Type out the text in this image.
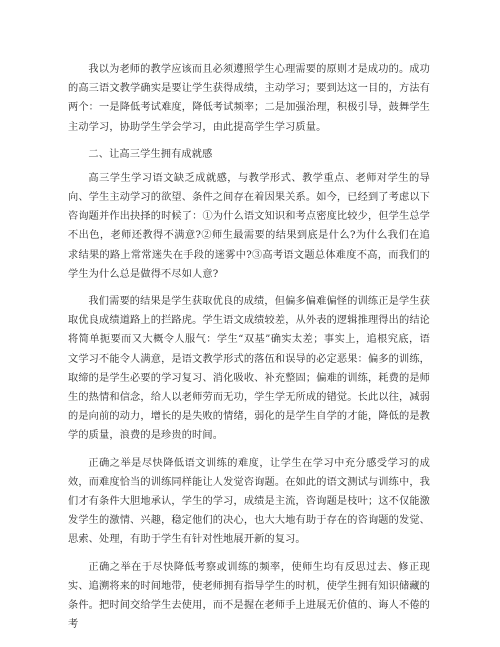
我以为老师的教学应该而且必须遵照学生心理需要的原则才是成功的。成功的高三语文教学确实是要让学生获得成绩，主动学习；要到达这一目的，方法有两个：一是降低考试难度，降低考试频率；二是加强治理，积极引导，鼓舞学生主动学习，协助学生学会学习，由此提高学生学习质量。

二、让高三学生拥有成就感

高三学生学习语文缺乏成就感，与教学形式、教学重点、老师对学生的导向、学生主动学习的欲望、条件之间存在着因果关系。如今，已经到了考虑以下咨询题并作出抉择的时候了：①为什么语文知识和考点密度比较少，但学生总学不出色，老师还教得不满意?②师生最需要的结果到底是什么?为什么我们在追求结果的路上常常迷失在手段的迷雾中?③高考语文题总体难度不高，而我们的学生为什么总是做得不尽如人意?

我们需要的结果是学生获取优良的成绩，但偏多偏难偏怪的训练正是学生获取优良成绩道路上的拦路虎。学生语文成绩较差，从外表的逻辑推理得出的结论将简单扼要而又大概令人服气：学生“双基”确实太差；事实上，追根究底，语文学习不能令人满意，是语文教学形式的落伍和误导的必定恶果：偏多的训练，取缔的是学生必要的学习复习、消化吸收、补充整固；偏难的训练，耗费的是师生的热情和信念，给人以老师劳而无功，学生学无所成的错觉。长此以往，减弱的是向前的动力，增长的是失败的情绪，弱化的是学生自学的才能，降低的是教学的质量，浪费的是珍贵的时间。

正确之举是尽快降低语文训练的难度，让学生在学习中充分感受学习的成效，而难度恰当的训练同样能让人发觉咨询题。在如此的语文测试与训练中，我们才有条件大胆地承认，学生的学习，成绩是主流，咨询题是枝叶；这不仅能激发学生的激情、兴趣，稳定他们的决心，也大大地有助于存在的咨询题的发觉、思索、处理，有助于学生有针对性地展开新的复习。

正确之举在于尽快降低考察或训练的频率，使师生均有反思过去、修正现实、追溯将来的时间地带，使老师拥有指导学生的时机，使学生拥有知识储藏的条件。把时间交给学生去使用，而不是握在老师手上进展无价值的、诲人不倦的考
